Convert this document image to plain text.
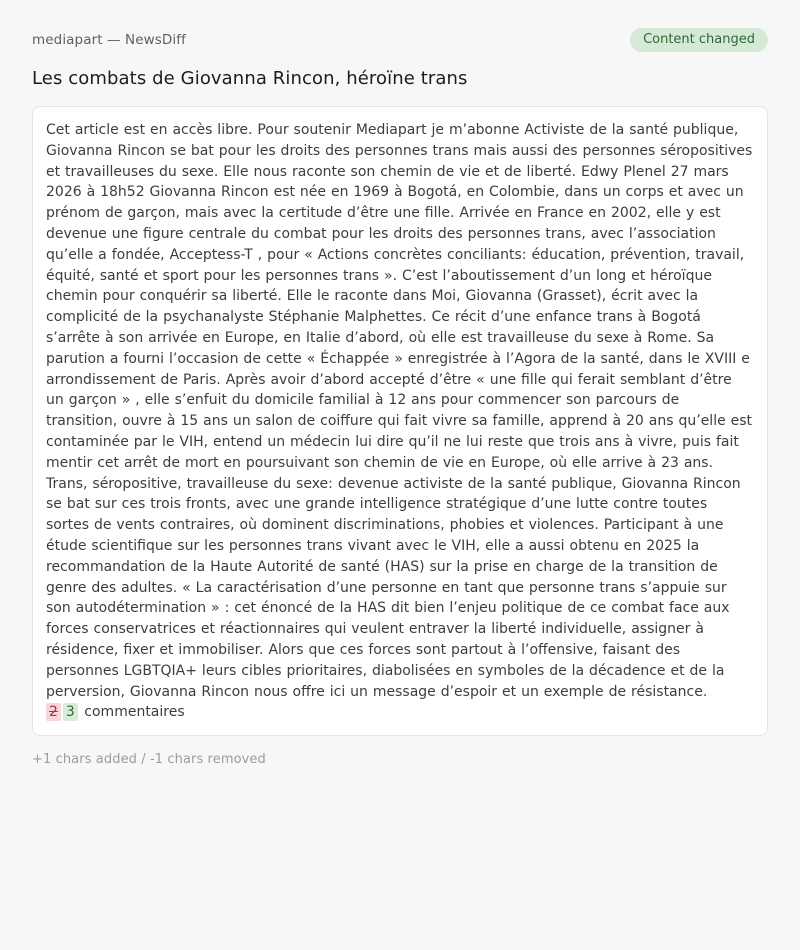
mediapart — NewsDiff	Content changed
Les combats de Giovanna Rincon, héroïne trans

Cet article est en accès libre. Pour soutenir Mediapart je m’abonne Activiste de la santé publique, Giovanna Rincon se bat pour les droits des personnes trans mais aussi des personnes séropositives et travailleuses du sexe. Elle nous raconte son chemin de vie et de liberté. Edwy Plenel 27 mars 2026 à 18h52 Giovanna Rincon est née en 1969 à Bogotá, en Colombie, dans un corps et avec un prénom de garçon, mais avec la certitude d’être une fille. Arrivée en France en 2002, elle y est devenue une figure centrale du combat pour les droits des personnes trans, avec l’association qu’elle a fondée, Acceptess-T , pour « Actions concrètes conciliants: éducation, prévention, travail, équité, santé et sport pour les personnes trans ». C’est l’aboutissement d’un long et héroïque chemin pour conquérir sa liberté. Elle le raconte dans Moi, Giovanna (Grasset), écrit avec la complicité de la psychanalyste Stéphanie Malphettes. Ce récit d’une enfance trans à Bogotá s’arrête à son arrivée en Europe, en Italie d’abord, où elle est travailleuse du sexe à Rome. Sa parution a fourni l’occasion de cette « Échappée » enregistrée à l’Agora de la santé, dans le XVIII e arrondissement de Paris. Après avoir d’abord accepté d’être « une fille qui ferait semblant d’être un garçon » , elle s’enfuit du domicile familial à 12 ans pour commencer son parcours de transition, ouvre à 15 ans un salon de coiffure qui fait vivre sa famille, apprend à 20 ans qu’elle est contaminée par le VIH, entend un médecin lui dire qu’il ne lui reste que trois ans à vivre, puis fait mentir cet arrêt de mort en poursuivant son chemin de vie en Europe, où elle arrive à 23 ans. Trans, séropositive, travailleuse du sexe: devenue activiste de la santé publique, Giovanna Rincon se bat sur ces trois fronts, avec une grande intelligence stratégique d’une lutte contre toutes sortes de vents contraires, où dominent discriminations, phobies et violences. Participant à une étude scientifique sur les personnes trans vivant avec le VIH, elle a aussi obtenu en 2025 la recommandation de la Haute Autorité de santé (HAS) sur la prise en charge de la transition de genre des adultes. « La caractérisation d’une personne en tant que personne trans s’appuie sur son autodétermination » : cet énoncé de la HAS dit bien l’enjeu politique de ce combat face aux forces conservatrices et réactionnaires qui veulent entraver la liberté individuelle, assigner à résidence, fixer et immobiliser. Alors que ces forces sont partout à l’offensive, faisant des personnes LGBTQIA+ leurs cibles prioritaires, diabolisées en symboles de la décadence et de la perversion, Giovanna Rincon nous offre ici un message d’espoir et un exemple de résistance.

2 3 commentaires

+1 chars added / -1 chars removed
